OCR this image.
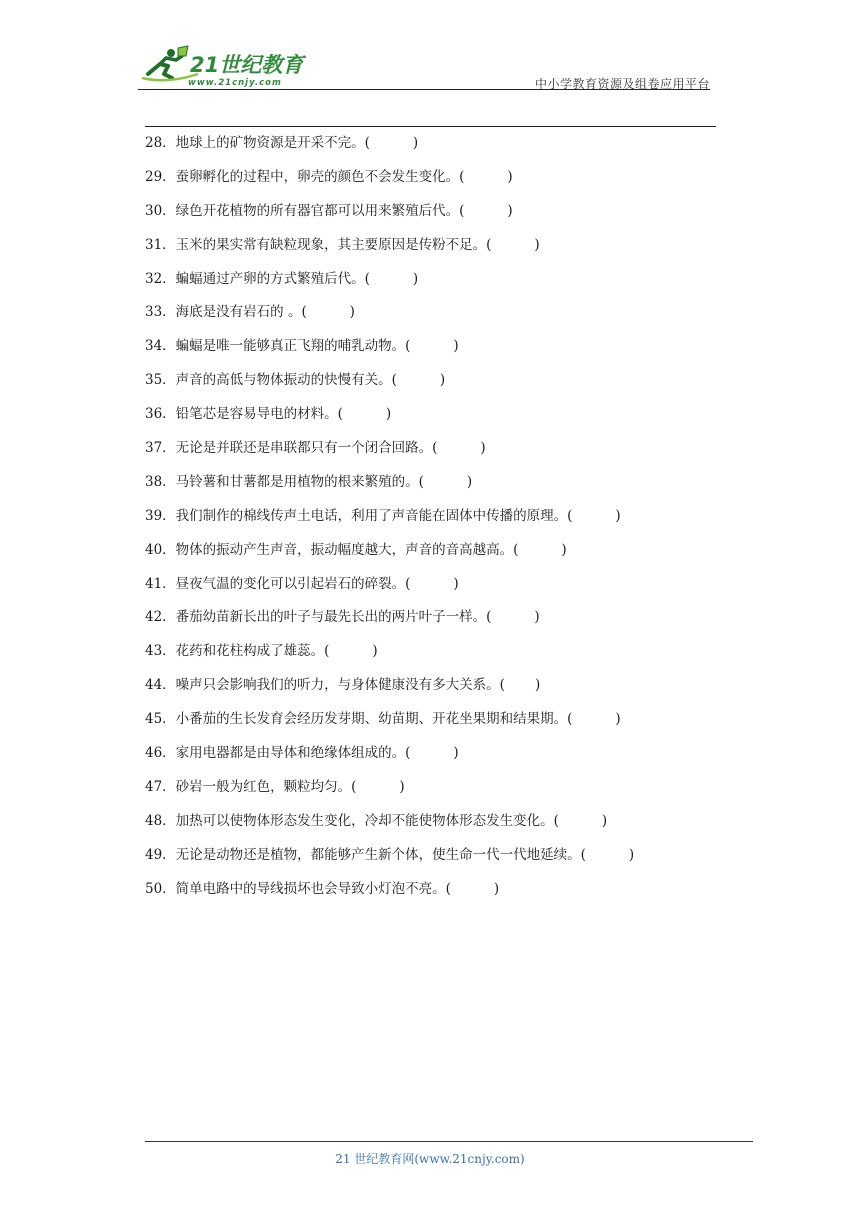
21世纪教育
www.21cnjy.com	中小学教育资源及组卷应用平台
28．地球上的矿物资源是开采不完。(          )
29．蚕卵孵化的过程中，卵壳的颜色不会发生变化。(          )
30．绿色开花植物的所有器官都可以用来繁殖后代。(          )
31．玉米的果实常有缺粒现象，其主要原因是传粉不足。(          )
32．蝙蝠通过产卵的方式繁殖后代。(          )
33．海底是没有岩石的 。(          )
34．蝙蝠是唯一能够真正飞翔的哺乳动物。(          )
35．声音的高低与物体振动的快慢有关。(          )
36．铅笔芯是容易导电的材料。(          )
37．无论是并联还是串联都只有一个闭合回路。(          )
38．马铃薯和甘薯都是用植物的根来繁殖的。(          )
39．我们制作的棉线传声土电话，利用了声音能在固体中传播的原理。(          )
40．物体的振动产生声音，振动幅度越大，声音的音高越高。(          )
41．昼夜气温的变化可以引起岩石的碎裂。(          )
42．番茄幼苗新长出的叶子与最先长出的两片叶子一样。(          )
43．花药和花柱构成了雄蕊。(          )
44．噪声只会影响我们的听力，与身体健康没有多大关系。(       )
45．小番茄的生长发育会经历发芽期、幼苗期、开花坐果期和结果期。(          )
46．家用电器都是由导体和绝缘体组成的。(          )
47．砂岩一般为红色，颗粒均匀。(          )
48．加热可以使物体形态发生变化，冷却不能使物体形态发生变化。(          )
49．无论是动物还是植物，都能够产生新个体，使生命一代一代地延续。(          )
50．简单电路中的导线损坏也会导致小灯泡不亮。(          )
21 世纪教育网(www.21cnjy.com)
